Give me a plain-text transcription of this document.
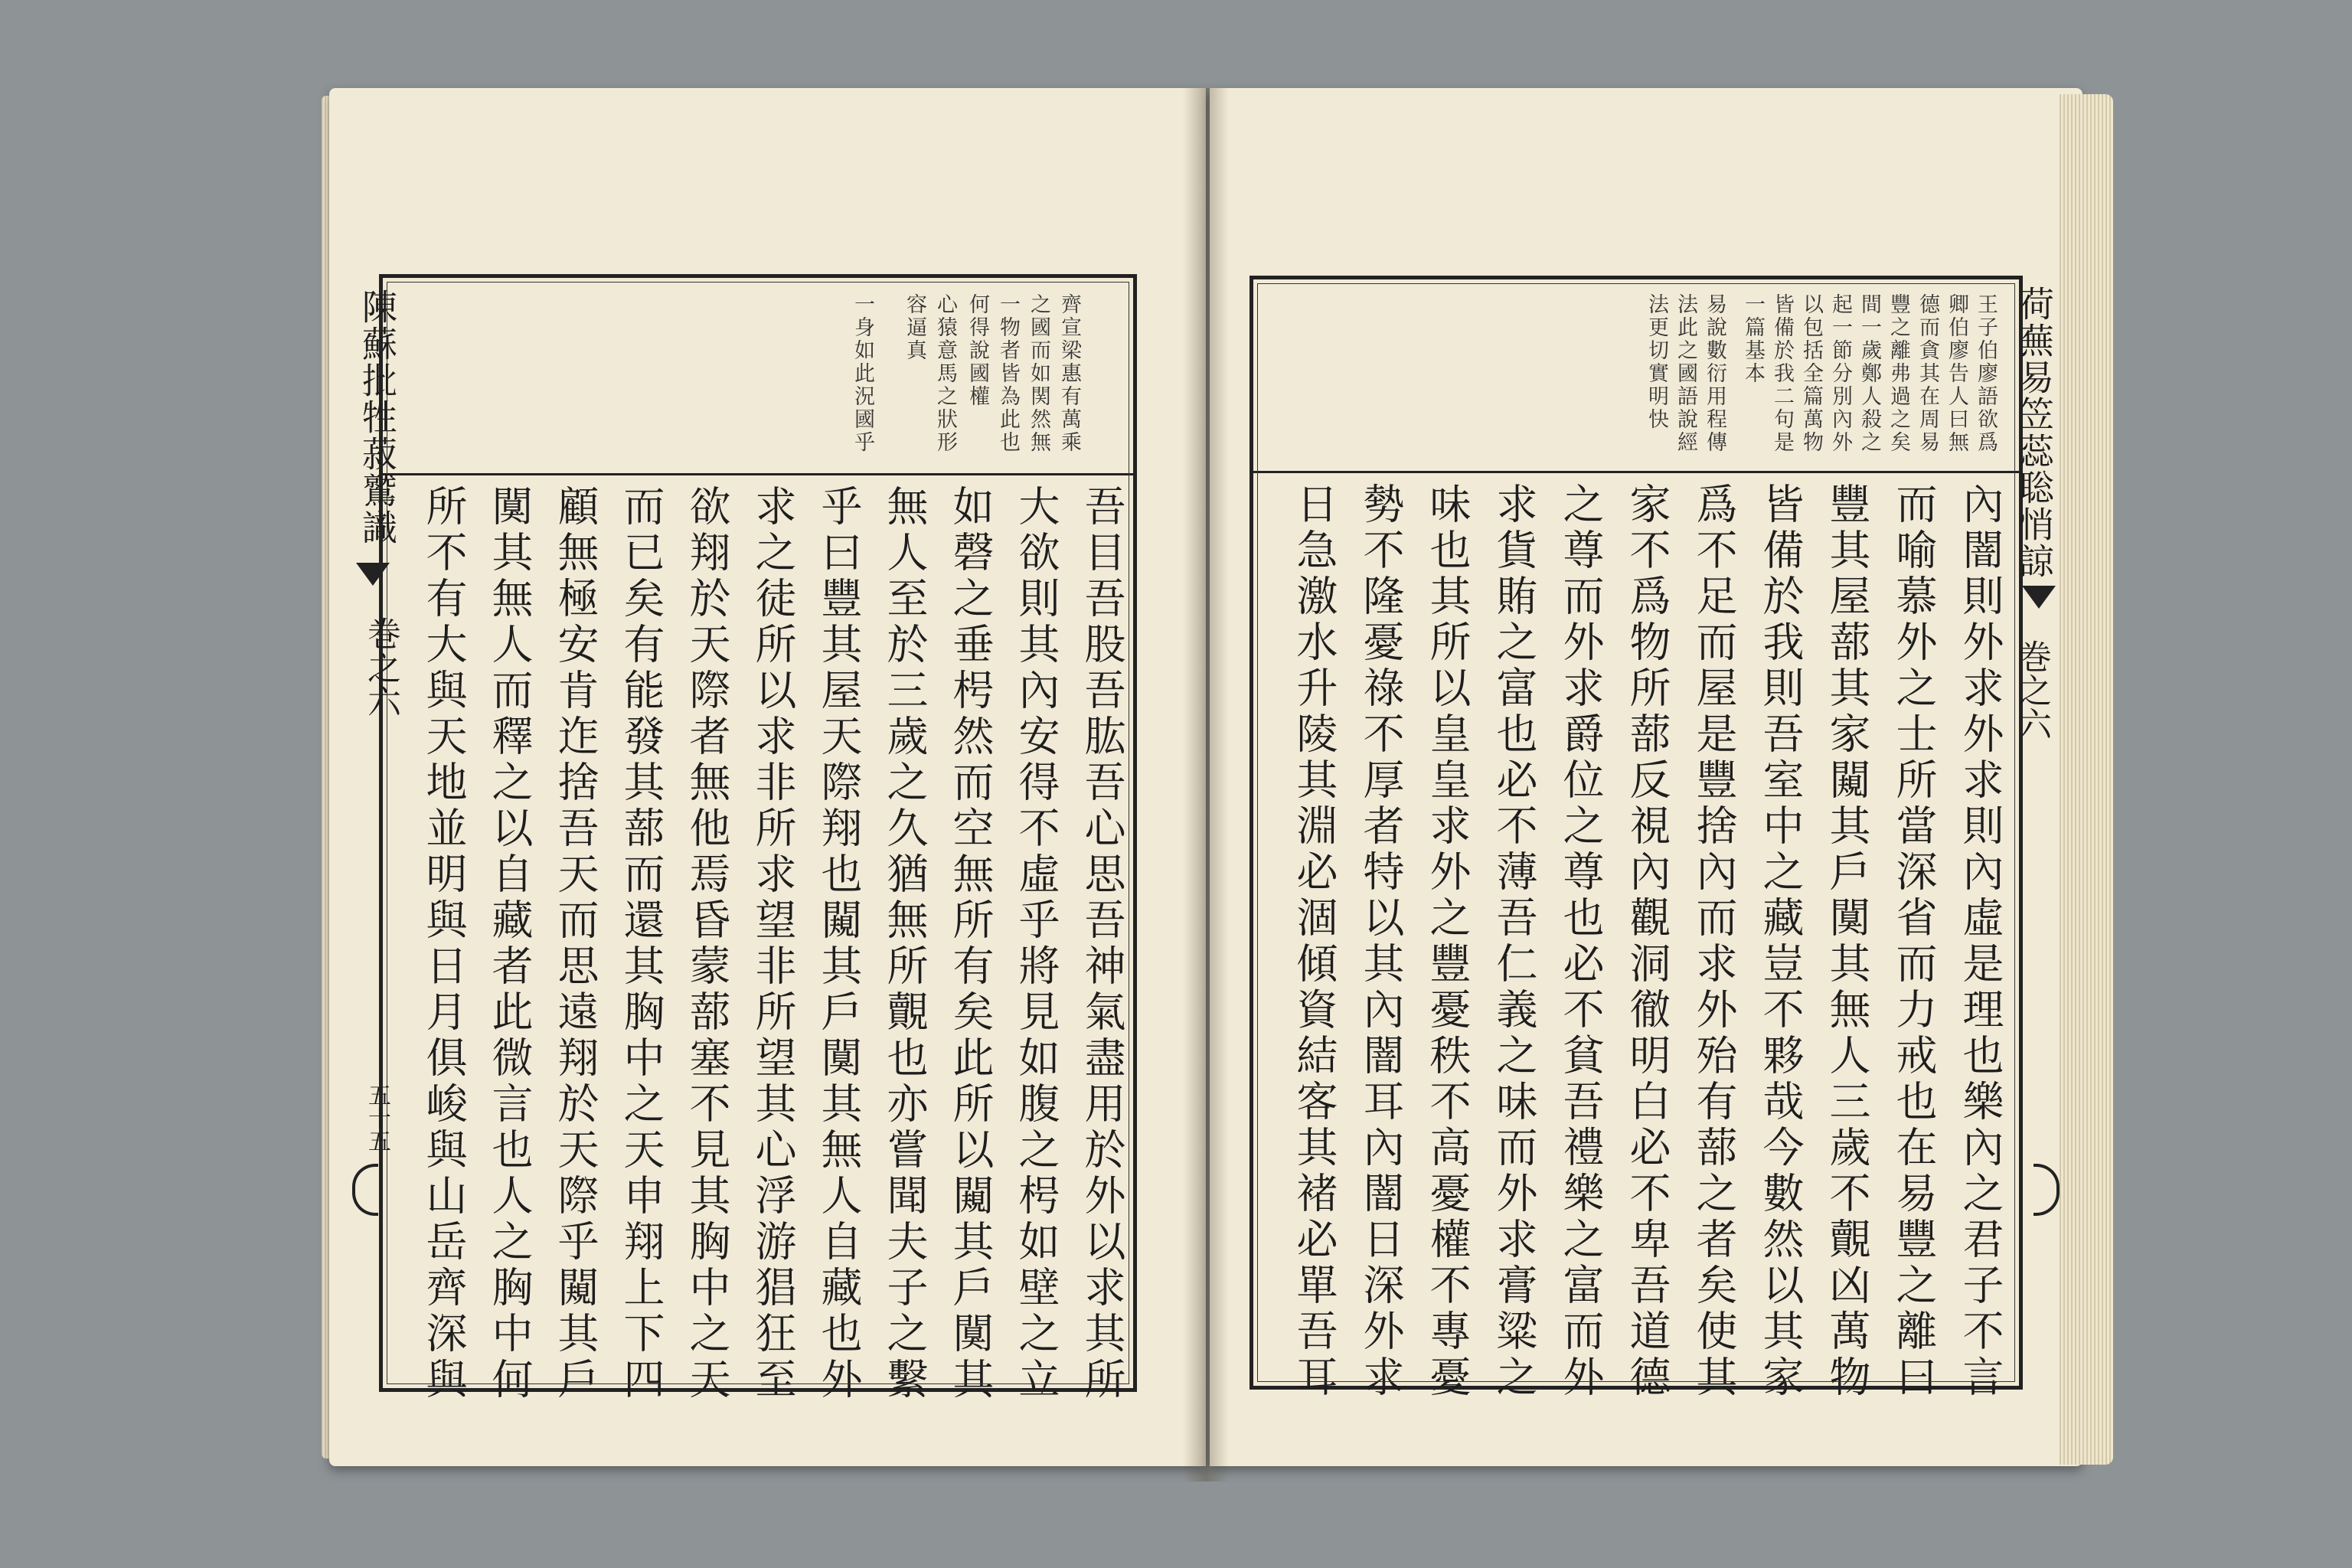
齊宣梁惠有萬乘
之國而如関然無
一物者皆為此也
何得說國權
心猿意馬之狀形
容逼真
一身如此況國乎
吾目吾股吾肱吾心思吾神氣盡用於外以求其所
大欲則其內安得不虛乎將見如腹之枵如壁之立
如磬之垂枵然而空無所有矣此所以闚其戶闃其
無人至於三歲之久猶無所覿也亦嘗聞夫子之繫
乎曰豐其屋天際翔也闚其戶闃其無人自藏也外
求之徒所以求非所求望非所望其心浮游猖狂至
欲翔於天際者無他焉昏蒙蔀塞不見其胸中之天
而已矣有能發其蔀而還其胸中之天申翔上下四
顧無極安肯迮捨吾天而思遠翔於天際乎闚其戶
闃其無人而釋之以自藏者此微言也人之胸中何
所不有大與天地並明與日月俱峻與山岳齊深與
陳蘇批牲菽鷲識
巻之六
五十五
王子伯廖語欲爲
卿伯廖告人曰無
德而貪其在周易
豐之離弗過之矣
間一歲鄭人殺之
起一節分別內外
以包括全篇萬物
皆備於我二句是
一篇基本
易說數衍用程傳
法此之國語說經
法更切實明快
內闇則外求外求則內虛是理也樂內之君子不言
而喻慕外之士所當深省而力戒也在易豐之離曰
豐其屋蔀其家闚其戶闃其無人三歲不覿凶萬物
皆備於我則吾室中之藏豈不夥哉今數然以其家
爲不足而屋是豐捨內而求外殆有蔀之者矣使其
家不爲物所蔀反視內觀洞徹明白必不卑吾道德
之尊而外求爵位之尊也必不貧吾禮樂之富而外
求貨賄之富也必不薄吾仁義之味而外求膏粱之
味也其所以皇皇求外之豐憂秩不高憂權不專憂
勢不隆憂祿不厚者特以其內闇耳內闇日深外求
日急激水升陵其淵必涸傾資結客其褚必單吾耳
荷蕪易笠蕊聡悄諒
巻之六
